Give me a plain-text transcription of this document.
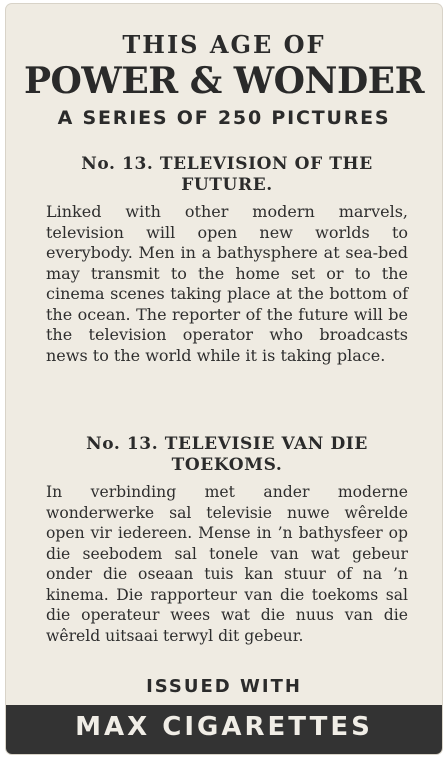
THIS AGE OF
POWER & WONDER
A SERIES OF 250 PICTURES
No. 13. TELEVISION OF THE FUTURE.
Linked with other modern marvels, television will open new worlds to everybody. Men in a bathysphere at sea-bed may transmit to the home set or to the cinema scenes taking place at the bottom of the ocean. The reporter of the future will be the television operator who broadcasts news to the world while it is taking place.
No. 13. TELEVISIE VAN DIE TOEKOMS.
In verbinding met ander moderne wonderwerke sal televisie nuwe wêrelde open vir iedereen. Mense in ’n bathysfeer op die seebodem sal tonele van wat gebeur onder die oseaan tuis kan stuur of na ’n kinema. Die rapporteur van die toekoms sal die operateur wees wat die nuus van die wêreld uitsaai terwyl dit gebeur.
ISSUED WITH
MAX CIGARETTES
